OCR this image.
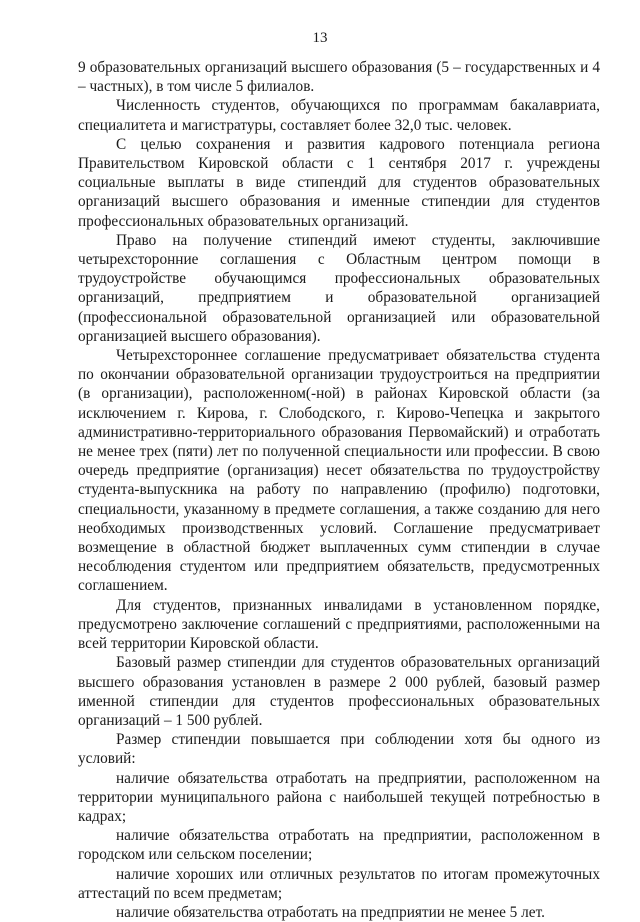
13

9 образовательных организаций высшего образования (5 – государственных и 4 – частных), в том числе 5 филиалов.

Численность студентов, обучающихся по программам бакалавриата, специалитета и магистратуры, составляет более 32,0 тыс. человек.

С целью сохранения и развития кадрового потенциала региона Правительством Кировской области с 1 сентября 2017 г. учреждены социальные выплаты в виде стипендий для студентов образовательных организаций высшего образования и именные стипендии для студентов профессиональных образовательных организаций.

Право на получение стипендий имеют студенты, заключившие четырехсторонние соглашения с Областным центром помощи в трудоустройстве обучающимся профессиональных образовательных организаций, предприятием и образовательной организацией (профессиональной образовательной организацией или образовательной организацией высшего образования).

Четырехстороннее соглашение предусматривает обязательства студента по окончании образовательной организации трудоустроиться на предприятии (в организации), расположенном(-ной) в районах Кировской области (за исключением г. Кирова, г. Слободского, г. Кирово-Чепецка и закрытого административно-территориального образования Первомайский) и отработать не менее трех (пяти) лет по полученной специальности или профессии. В свою очередь предприятие (организация) несет обязательства по трудоустройству студента-выпускника на работу по направлению (профилю) подготовки, специальности, указанному в предмете соглашения, а также созданию для него необходимых производственных условий. Соглашение предусматривает возмещение в областной бюджет выплаченных сумм стипендии в случае несоблюдения студентом или предприятием обязательств, предусмотренных соглашением.

Для студентов, признанных инвалидами в установленном порядке, предусмотрено заключение соглашений с предприятиями, расположенными на всей территории Кировской области.

Базовый размер стипендии для студентов образовательных организаций высшего образования установлен в размере 2 000 рублей, базовый размер именной стипендии для студентов профессиональных образовательных организаций – 1 500 рублей.

Размер стипендии повышается при соблюдении хотя бы одного из условий:

наличие обязательства отработать на предприятии, расположенном на территории муниципального района с наибольшей текущей потребностью в кадрах;

наличие обязательства отработать на предприятии, расположенном в городском или сельском поселении;

наличие хороших или отличных результатов по итогам промежуточных аттестаций по всем предметам;

наличие обязательства отработать на предприятии не менее 5 лет.
